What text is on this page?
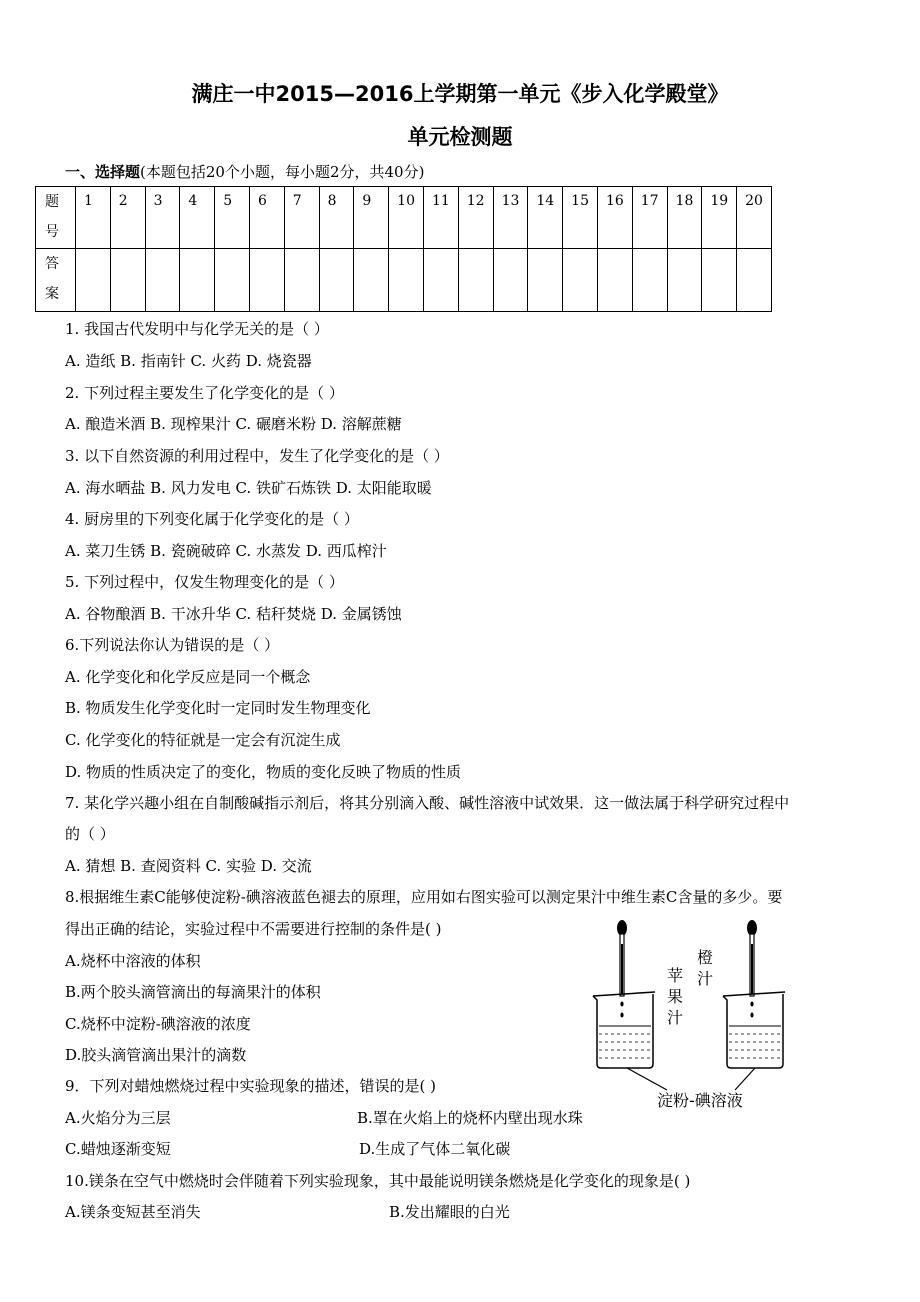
满庄一中2015—2016上学期第一单元《步入化学殿堂》
单元检测题
一、选择题(本题包括20个小题，每小题2分，共40分)
题
号	1	2	3	4	5	6	7	8	9	10	11	12	13	14	15	16	17	18	19	20
答
案																				
1. 我国古代发明中与化学无关的是（ ）
A. 造纸 B. 指南针 C. 火药 D. 烧瓷器
2. 下列过程主要发生了化学变化的是（ ）
A. 酿造米酒 B. 现榨果汁 C. 碾磨米粉 D. 溶解蔗糖
3. 以下自然资源的利用过程中，发生了化学变化的是（ ）
A. 海水晒盐 B. 风力发电 C. 铁矿石炼铁 D. 太阳能取暖
4. 厨房里的下列变化属于化学变化的是（ ）
A. 菜刀生锈 B. 瓷碗破碎 C. 水蒸发 D. 西瓜榨汁
5. 下列过程中，仅发生物理变化的是（ ）
A. 谷物酿酒 B. 干冰升华 C. 秸秆焚烧 D. 金属锈蚀
6.下列说法你认为错误的是（ ）
A. 化学变化和化学反应是同一个概念
B. 物质发生化学变化时一定同时发生物理变化
C. 化学变化的特征就是一定会有沉淀生成
D. 物质的性质决定了的变化，物质的变化反映了物质的性质
7. 某化学兴趣小组在自制酸碱指示剂后，将其分别滴入酸、碱性溶液中试效果．这一做法属于科学研究过程中
的（ ）
A. 猜想 B. 查阅资料 C. 实验 D. 交流
8.根据维生素C能够使淀粉-碘溶液蓝色褪去的原理，应用如右图实验可以测定果汁中维生素C含量的多少。要
得出正确的结论，实验过程中不需要进行控制的条件是( )
A.烧杯中溶液的体积
B.两个胶头滴管滴出的每滴果汁的体积
C.烧杯中淀粉-碘溶液的浓度
D.胶头滴管滴出果汁的滴数
9．下列对蜡烛燃烧过程中实验现象的描述，错误的是( )
A.火焰分为三层	B.罩在火焰上的烧杯内壁出现水珠
C.蜡烛逐渐变短	D.生成了气体二氧化碳
10.镁条在空气中燃烧时会伴随着下列实验现象，其中最能说明镁条燃烧是化学变化的现象是( )
A.镁条变短甚至消失	B.发出耀眼的白光
苹
果
汁
橙
汁
淀粉-碘溶液
